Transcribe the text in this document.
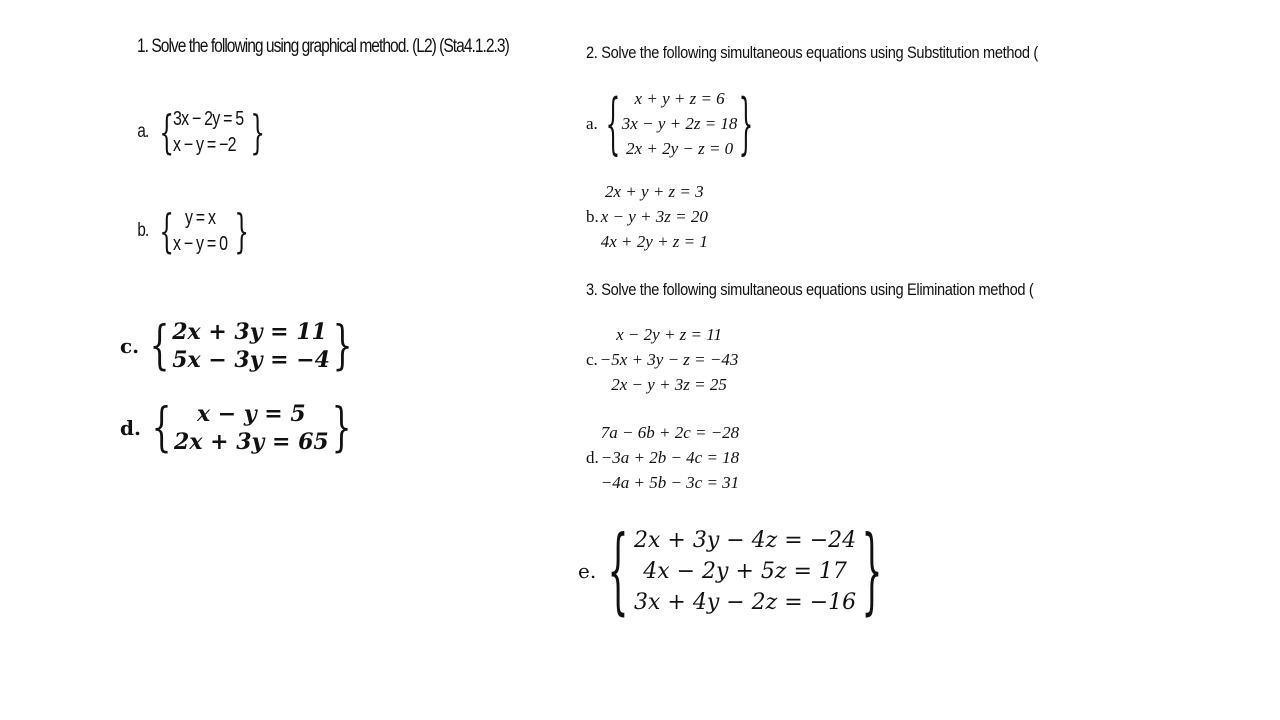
1. Solve the following using graphical method. (L2) (Sta4.1.2.3)
a. { 3x − 2y = 5
x − y = −2 }
b. { y = x
x − y = 0 }
c. { 2x + 3y = 11
5x − 3y = −4 }
d. {	x − y = 5
2x + 3y = 65 }
2. Solve the following simultaneous equations using Substitution method (
a. { x + y + z = 6
3x − y + 2z = 18
2x + 2y − z = 0 }
b.
2x + y + z = 3
x − y + 3z = 20
4x + 2y + z = 1
3. Solve the following simultaneous equations using Elimination method (
c.
x − 2y + z = 11
−5x + 3y − z = −43
2x − y + 3z = 25
d.
7a − 6b + 2c = −28
−3a + 2b − 4c = 18
−4a + 5b − 3c = 31
e. { 2x + 3y − 4z = −24
4x − 2y + 5z = 17
3x + 4y − 2z = −16 }
